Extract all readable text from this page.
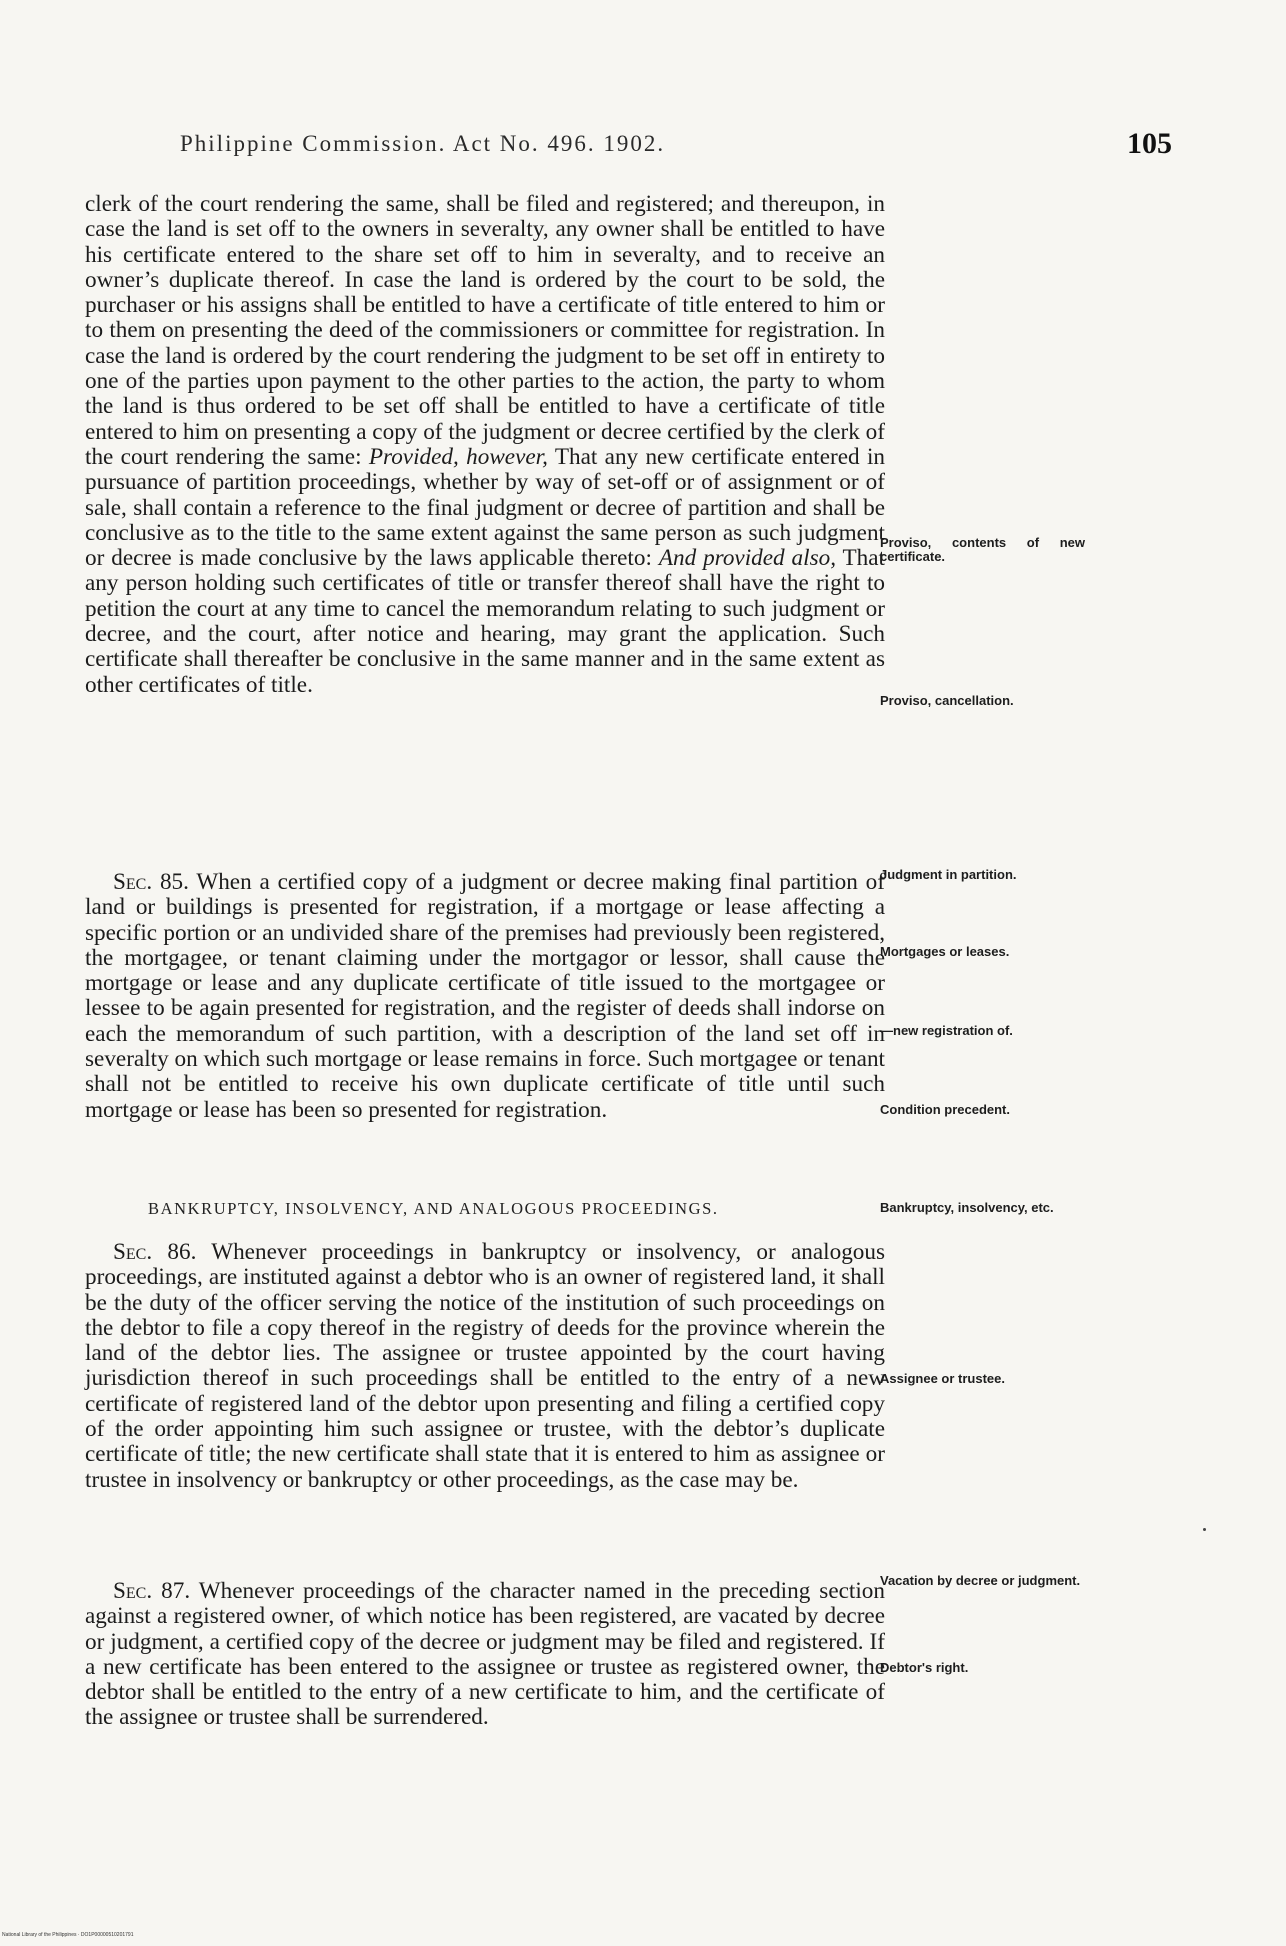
Philippine Commission. Act No. 496. 1902.	105

clerk of the court rendering the same, shall be filed and registered; and thereupon, in case the land is set off to the owners in severalty, any owner shall be entitled to have his certificate entered to the share set off to him in severalty, and to receive an owner’s duplicate thereof. In case the land is ordered by the court to be sold, the purchaser or his assigns shall be entitled to have a certificate of title entered to him or to them on presenting the deed of the commissioners or committee for registration. In case the land is ordered by the court rendering the judgment to be set off in entirety to one of the parties upon payment to the other parties to the action, the party to whom the land is thus ordered to be set off shall be entitled to have a certificate of title entered to him on presenting a copy of the judgment or decree certified by the clerk of the court rendering the same: Provided, however, That any new certificate entered in pursuance of partition proceedings, whether by way of set-off or of assignment or of sale, shall contain a reference to the final judgment or decree of partition and shall be conclusive as to the title to the same extent against the same person as such judgment or decree is made conclusive by the laws applicable thereto: And provided also, That any person holding such certificates of title or transfer thereof shall have the right to petition the court at any time to cancel the memorandum relating to such judgment or decree, and the court, after notice and hearing, may grant the application. Such certificate shall thereafter be conclusive in the same manner and in the same extent as other certificates of title.

Sec. 85. When a certified copy of a judgment or decree making final partition of land or buildings is presented for registration, if a mortgage or lease affecting a specific portion or an undivided share of the premises had previously been registered, the mortgagee, or tenant claiming under the mortgagor or lessor, shall cause the mortgage or lease and any duplicate certificate of title issued to the mortgagee or lessee to be again presented for registration, and the register of deeds shall indorse on each the memorandum of such partition, with a description of the land set off in severalty on which such mortgage or lease remains in force. Such mortgagee or tenant shall not be entitled to receive his own duplicate certificate of title until such mortgage or lease has been so presented for registration.

BANKRUPTCY, INSOLVENCY, AND ANALOGOUS PROCEEDINGS.

Sec. 86. Whenever proceedings in bankruptcy or insolvency, or analogous proceedings, are instituted against a debtor who is an owner of registered land, it shall be the duty of the officer serving the notice of the institution of such proceedings on the debtor to file a copy thereof in the registry of deeds for the province wherein the land of the debtor lies. The assignee or trustee appointed by the court having jurisdiction thereof in such proceedings shall be entitled to the entry of a new certificate of registered land of the debtor upon presenting and filing a certified copy of the order appointing him such assignee or trustee, with the debtor’s duplicate certificate of title; the new certificate shall state that it is entered to him as assignee or trustee in insolvency or bankruptcy or other proceedings, as the case may be.

Sec. 87. Whenever proceedings of the character named in the preceding section against a registered owner, of which notice has been registered, are vacated by decree or judgment, a certified copy of the decree or judgment may be filed and registered. If a new certificate has been entered to the assignee or trustee as registered owner, the debtor shall be entitled to the entry of a new certificate to him, and the certificate of the assignee or trustee shall be surrendered.

Proviso, contents of new certificate.
Proviso, cancellation.
Judgment in partition.
Mortgages or leases.
—new registration of.
Condition precedent.
Bankruptcy, insolvency, etc.
Assignee or trustee.
Vacation by decree or judgment.
Debtor's right.
National Library of the Philippines · DO1P00000510201791
